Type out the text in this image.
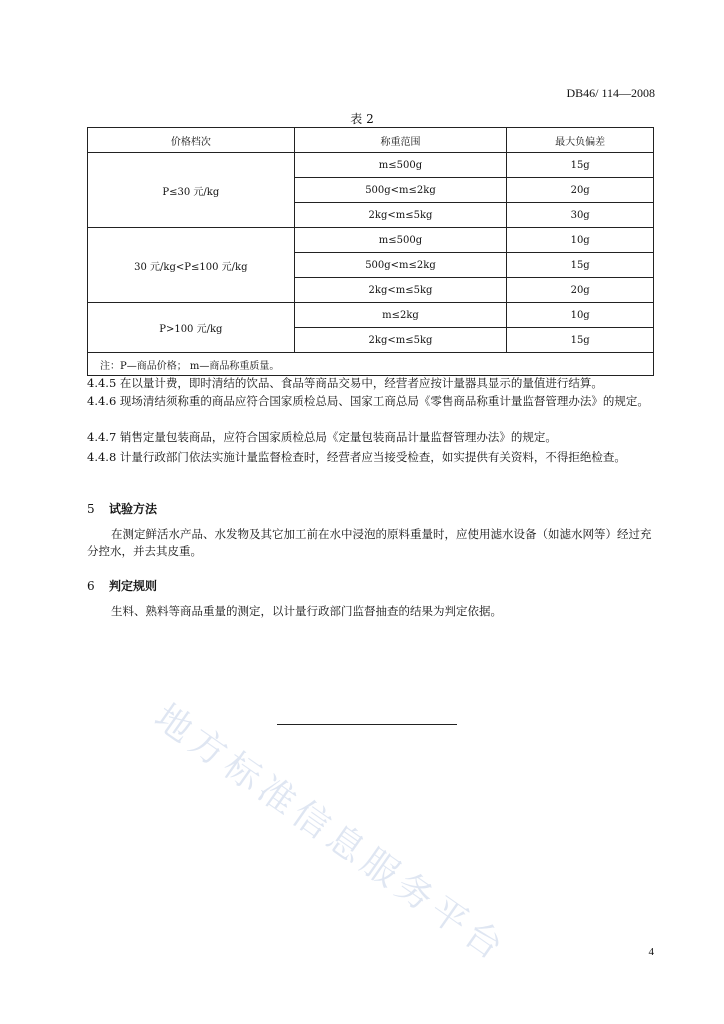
地方标准信息服务平台
DB46/ 114—2008
表 2
价格档次	称重范围	最大负偏差
P≤30 元/kg	m≤500g	15g
	500g<m≤2kg	20g
	2kg<m≤5kg	30g
30 元/kg<P≤100 元/kg	m≤500g	10g
	500g<m≤2kg	15g
	2kg<m≤5kg	20g
P>100 元/kg	m≤2kg	10g
	2kg<m≤5kg	15g
注：P—商品价格； m—商品称重质量。		
4.4.5 在以量计费，即时清结的饮品、食品等商品交易中，经营者应按计量器具显示的量值进行结算。
4.4.6 现场清结须称重的商品应符合国家质检总局、国家工商总局《零售商品称重计量监督管理办法》的规定。
4.4.7 销售定量包装商品，应符合国家质检总局《定量包装商品计量监督管理办法》的规定。
4.4.8 计量行政部门依法实施计量监督检查时，经营者应当接受检查，如实提供有关资料，不得拒绝检查。
5 试验方法
在测定鲜活水产品、水发物及其它加工前在水中浸泡的原料重量时，应使用滤水设备（如滤水网等）经过充分控水，并去其皮重。
6 判定规则
生料、熟料等商品重量的测定，以计量行政部门监督抽查的结果为判定依据。
4
